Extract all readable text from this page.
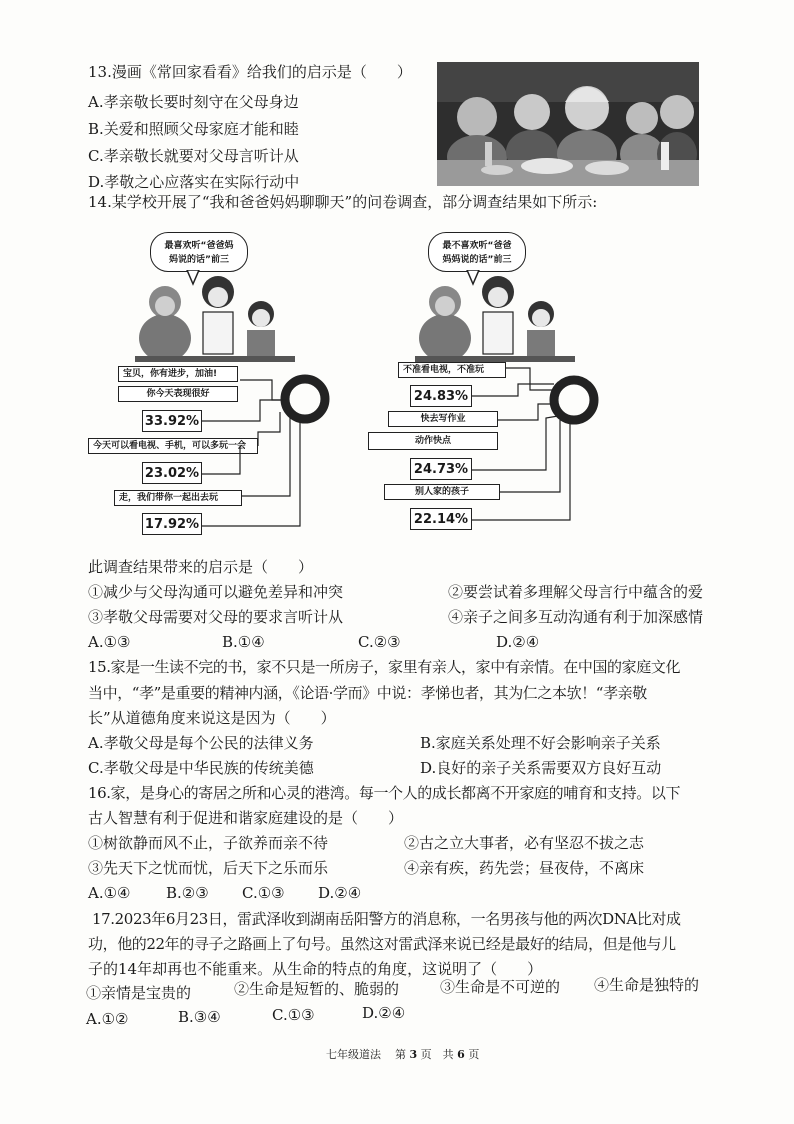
13.漫画《常回家看看》给我们的启示是（　　）
A.孝亲敬长要时刻守在父母身边
B.关爱和照顾父母家庭才能和睦
C.孝亲敬长就要对父母言听计从
D.孝敬之心应落实在实际行动中
14.某学校开展了“我和爸爸妈妈聊聊天”的问卷调查，部分调查结果如下所示:
最喜欢听“爸爸妈
妈说的话”前三
宝贝，你有进步，加油!
你今天表现很好
33.92%
今天可以看电视、手机，可以多玩一会
23.02%
走，我们带你一起出去玩
17.92%
最不喜欢听“爸爸
妈妈说的话”前三
不准看电视，不准玩
24.83%
快去写作业
动作快点
24.73%
别人家的孩子
22.14%
此调查结果带来的启示是（　　）
①减少与父母沟通可以避免差异和冲突	②要尝试着多理解父母言行中蕴含的爱
③孝敬父母需要对父母的要求言听计从	④亲子之间多互动沟通有利于加深感情
A.①③	B.①④	C.②③	D.②④
15.家是一生读不完的书，家不只是一所房子，家里有亲人，家中有亲情。在中国的家庭文化
当中，“孝”是重要的精神内涵，《论语·学而》中说：孝悌也者，其为仁之本欤！“孝亲敬
长”从道德角度来说这是因为（　　）
A.孝敬父母是每个公民的法律义务	B.家庭关系处理不好会影响亲子关系
C.孝敬父母是中华民族的传统美德	D.良好的亲子关系需要双方良好互动
16.家，是身心的寄居之所和心灵的港湾。每一个人的成长都离不开家庭的哺育和支持。以下
古人智慧有利于促进和谐家庭建设的是（　　）
①树欲静而风不止，子欲养而亲不待	②古之立大事者，必有坚忍不拔之志
③先天下之忧而忧，后天下之乐而乐	④亲有疾，药先尝；昼夜侍，不离床
A.①④ B.②③ C.①③ D.②④
17.2023年6月23日，雷武泽收到湖南岳阳警方的消息称，一名男孩与他的两次DNA比对成
功，他的22年的寻子之路画上了句号。虽然这对雷武泽来说已经是最好的结局，但是他与儿
子的14年却再也不能重来。从生命的特点的角度，这说明了（　　）
①亲情是宝贵的	②生命是短暂的、脆弱的	③生命是不可逆的 ④生命是独特的
A.①②	B.③④	C.①③	D.②④
七年级道法 第 3 页　共 6 页
